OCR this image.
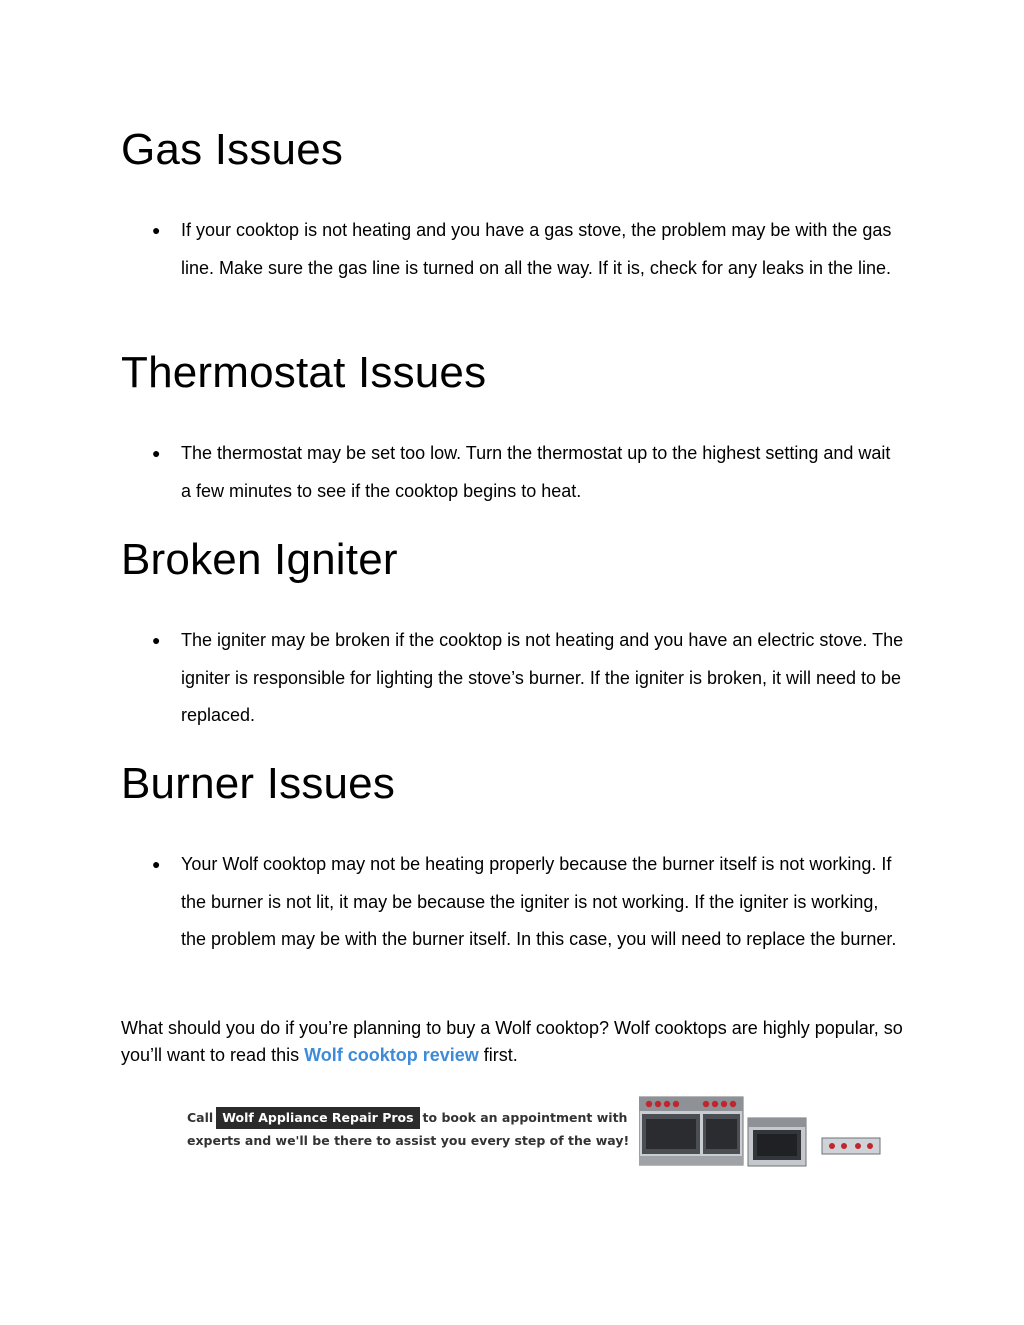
Gas Issues
● If your cooktop is not heating and you have a gas stove, the problem may be with the gas line. Make sure the gas line is turned on all the way. If it is, check for any leaks in the line.
Thermostat Issues
● The thermostat may be set too low. Turn the thermostat up to the highest setting and wait a few minutes to see if the cooktop begins to heat.
Broken Igniter
● The igniter may be broken if the cooktop is not heating and you have an electric stove. The igniter is responsible for lighting the stove’s burner. If the igniter is broken, it will need to be replaced.
Burner Issues
● Your Wolf cooktop may not be heating properly because the burner itself is not working. If the burner is not lit, it may be because the igniter is not working. If the igniter is working, the problem may be with the burner itself. In this case, you will need to replace the burner.

What should you do if you’re planning to buy a Wolf cooktop? Wolf cooktops are highly popular, so you’ll want to read this Wolf cooktop review first.

Call Wolf Appliance Repair Pros to book an appointment with
experts and we'll be there to assist you every step of the way!
